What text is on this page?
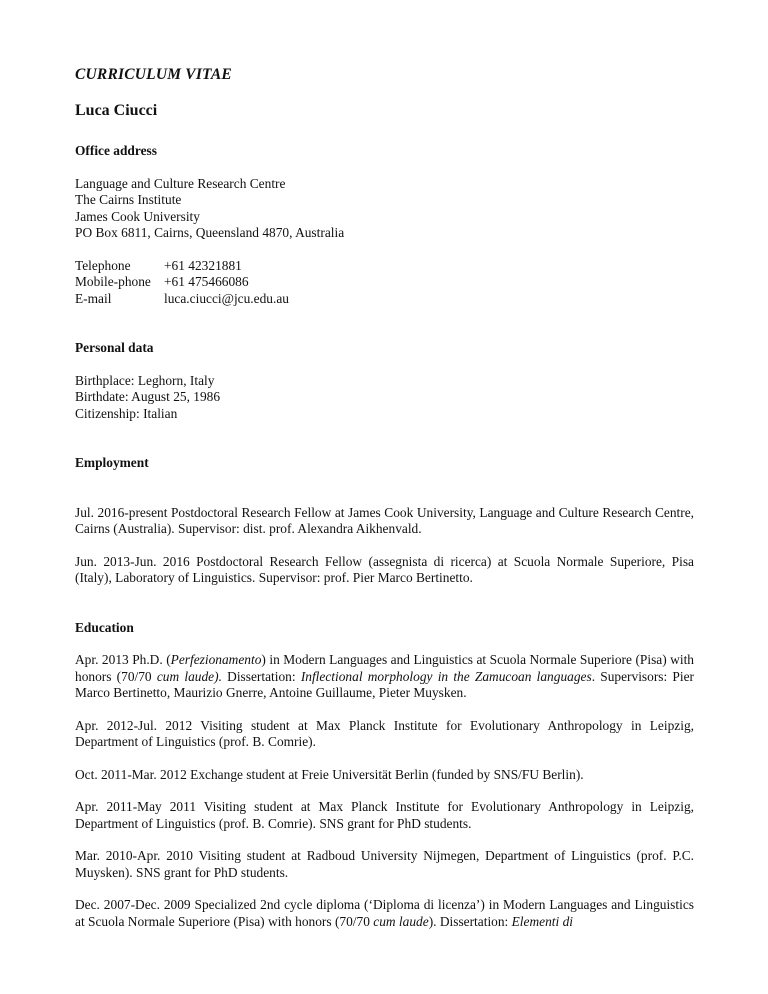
CURRICULUM VITAE
Luca Ciucci
Office address
Language and Culture Research Centre
The Cairns Institute
James Cook University
PO Box 6811, Cairns, Queensland 4870, Australia
Telephone	+61 42321881
Mobile-phone	+61 475466086
E-mail	luca.ciucci@jcu.edu.au
Personal data
Birthplace: Leghorn, Italy
Birthdate: August 25, 1986
Citizenship: Italian
Employment

Jul. 2016-present Postdoctoral Research Fellow at James Cook University, Language and Culture Research Centre, Cairns (Australia). Supervisor: dist. prof. Alexandra Aikhenvald.

Jun. 2013-Jun. 2016 Postdoctoral Research Fellow (assegnista di ricerca) at Scuola Normale Superiore, Pisa (Italy), Laboratory of Linguistics. Supervisor: prof. Pier Marco Bertinetto.

Education

Apr. 2013 Ph.D. (Perfezionamento) in Modern Languages and Linguistics at Scuola Normale Superiore (Pisa) with honors (70/70 cum laude). Dissertation: Inflectional morphology in the Zamucoan languages. Supervisors: Pier Marco Bertinetto, Maurizio Gnerre, Antoine Guillaume, Pieter Muysken.

Apr. 2012-Jul. 2012 Visiting student at Max Planck Institute for Evolutionary Anthropology in Leipzig, Department of Linguistics (prof. B. Comrie).

Oct. 2011-Mar. 2012 Exchange student at Freie Universität Berlin (funded by SNS/FU Berlin).

Apr. 2011-May 2011 Visiting student at Max Planck Institute for Evolutionary Anthropology in Leipzig, Department of Linguistics (prof. B. Comrie). SNS grant for PhD students.

Mar. 2010-Apr. 2010 Visiting student at Radboud University Nijmegen, Department of Linguistics (prof. P.C. Muysken). SNS grant for PhD students.

Dec. 2007-Dec. 2009 Specialized 2nd cycle diploma (‘Diploma di licenza’) in Modern Languages and Linguistics at Scuola Normale Superiore (Pisa) with honors (70/70 cum laude). Dissertation: Elementi di
